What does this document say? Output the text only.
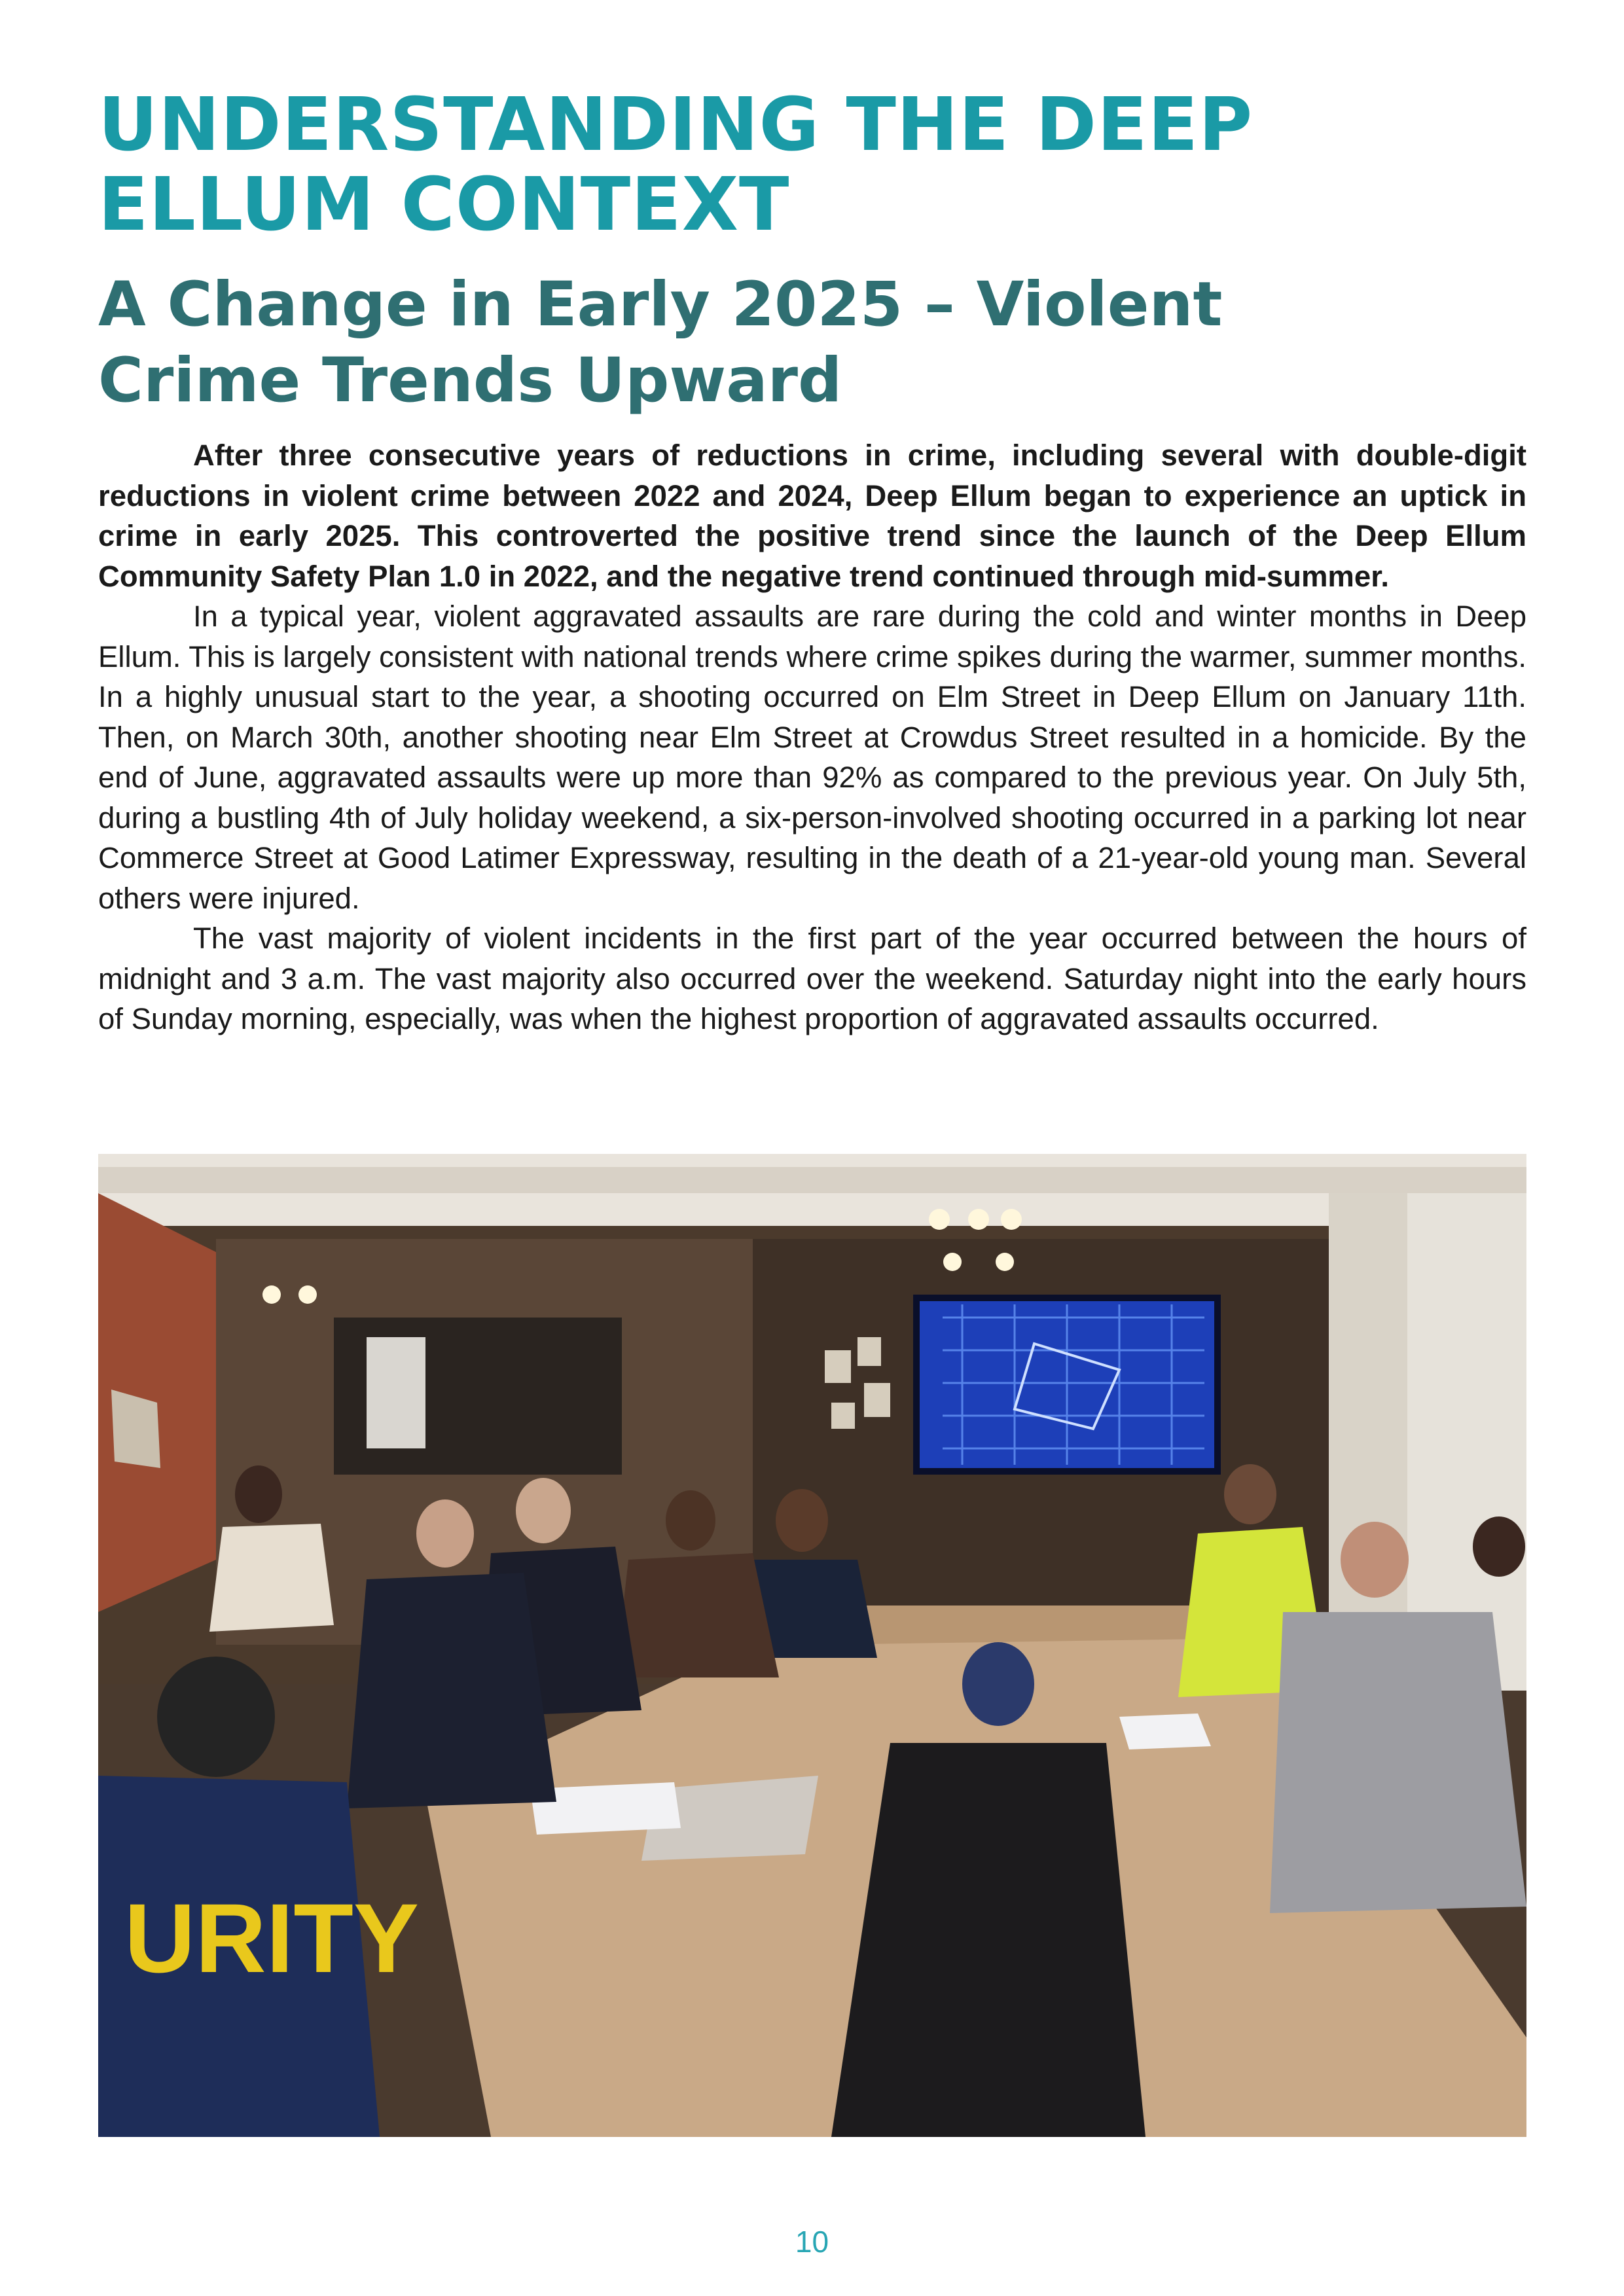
UNDERSTANDING THE DEEP ELLUM CONTEXT
A Change in Early 2025 – Violent Crime Trends Upward

After three consecutive years of reductions in crime, including several with double-digit reductions in violent crime between 2022 and 2024, Deep Ellum began to experience an uptick in crime in early 2025. This controverted the positive trend since the launch of the Deep Ellum Community Safety Plan 1.0 in 2022, and the negative trend continued through mid-summer.

In a typical year, violent aggravated assaults are rare during the cold and winter months in Deep Ellum. This is largely consistent with national trends where crime spikes during the warmer, summer months. In a highly unusual start to the year, a shooting occurred on Elm Street in Deep Ellum on January 11th. Then, on March 30th, another shooting near Elm Street at Crowdus Street resulted in a homicide. By the end of June, aggravated assaults were up more than 92% as compared to the previous year. On July 5th, during a bustling 4th of July holiday weekend, a six-person-involved shooting occurred in a parking lot near Commerce Street at Good Latimer Expressway, resulting in the death of a 21-year-old young man. Several others were injured.

The vast majority of violent incidents in the first part of the year occurred between the hours of midnight and 3 a.m. The vast majority also occurred over the weekend. Saturday night into the early hours of Sunday morning, especially, was when the highest proportion of aggravated assaults occurred.

URITY
10
